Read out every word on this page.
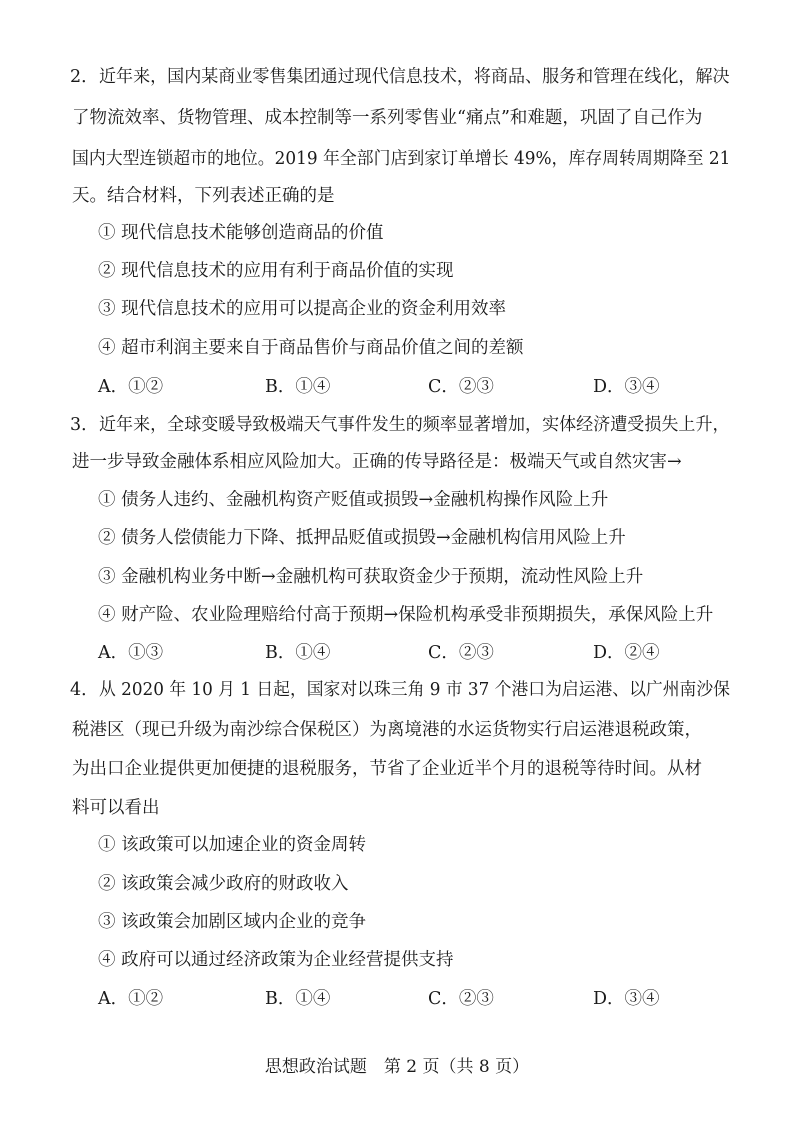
2． 近年来，国内某商业零售集团通过现代信息技术，将商品、服务和管理在线化，解决
了物流效率、货物管理、成本控制等一系列零售业“痛点”和难题，巩固了自己作为
国内大型连锁超市的地位。2019 年全部门店到家订单增长 49%，库存周转周期降至 21
天。结合材料，下列表述正确的是
① 现代信息技术能够创造商品的价值
② 现代信息技术的应用有利于商品价值的实现
③ 现代信息技术的应用可以提高企业的资金利用效率
④ 超市利润主要来自于商品售价与商品价值之间的差额
A．①②	B．①④	C．②③	D．③④
3． 近年来，全球变暖导致极端天气事件发生的频率显著增加，实体经济遭受损失上升，
进一步导致金融体系相应风险加大。正确的传导路径是：极端天气或自然灾害→
① 债务人违约、金融机构资产贬值或损毁→金融机构操作风险上升
② 债务人偿债能力下降、抵押品贬值或损毁→金融机构信用风险上升
③ 金融机构业务中断→金融机构可获取资金少于预期，流动性风险上升
④ 财产险、农业险理赔给付高于预期→保险机构承受非预期损失，承保风险上升
A．①③	B．①④	C．②③	D．②④
4． 从 2020 年 10 月 1 日起，国家对以珠三角 9 市 37 个港口为启运港、以广州南沙保
税港区（现已升级为南沙综合保税区）为离境港的水运货物实行启运港退税政策，
为出口企业提供更加便捷的退税服务，节省了企业近半个月的退税等待时间。从材
料可以看出
① 该政策可以加速企业的资金周转
② 该政策会减少政府的财政收入
③ 该政策会加剧区域内企业的竞争
④ 政府可以通过经济政策为企业经营提供支持
A．①②	B．①④	C．②③	D．③④
思想政治试题　第 2 页（共 8 页）
